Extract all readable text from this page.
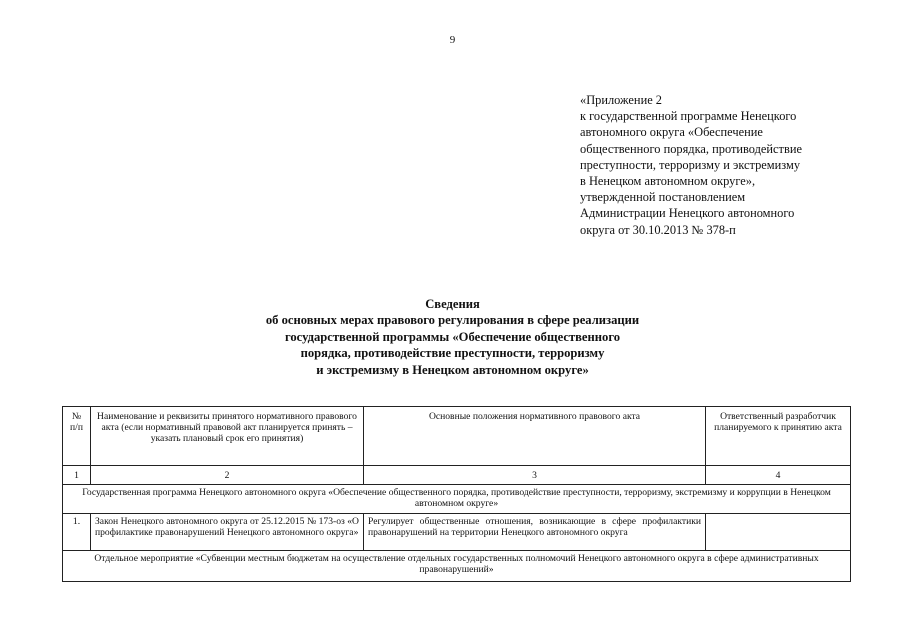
9
«Приложение 2
к государственной программе Ненецкого
автономного округа «Обеспечение
общественного порядка, противодействие
преступности, терроризму и экстремизму
в Ненецком автономном округе»,
утвержденной постановлением
Администрации Ненецкого автономного
округа от 30.10.2013 № 378-п
Сведения
об основных мерах правового регулирования в сфере реализации
государственной программы «Обеспечение общественного
порядка, противодействие преступности, терроризму
и экстремизму в Ненецком автономном округе»
№ п/п	Наименование и реквизиты принятого нормативного правового акта (если нормативный правовой акт планируется принять – указать плановый срок его принятия)	Основные положения нормативного правового акта	Ответственный разработчик планируемого к принятию акта
1	2	3	4
Государственная программа Ненецкого автономного округа «Обеспечение общественного порядка, противодействие преступности, терроризму, экстремизму и коррупции в Ненецком автономном округе»			
1.	Закон Ненецкого автономного округа от 25.12.2015 № 173-оз «О профилактике правонарушений Ненецкого автономного округа»	Регулирует общественные отношения, возникающие в сфере профилактики правонарушений на территории Ненецкого автономного округа	
Отдельное мероприятие «Субвенции местным бюджетам на осуществление отдельных государственных полномочий Ненецкого автономного округа в сфере административных правонарушений»			
